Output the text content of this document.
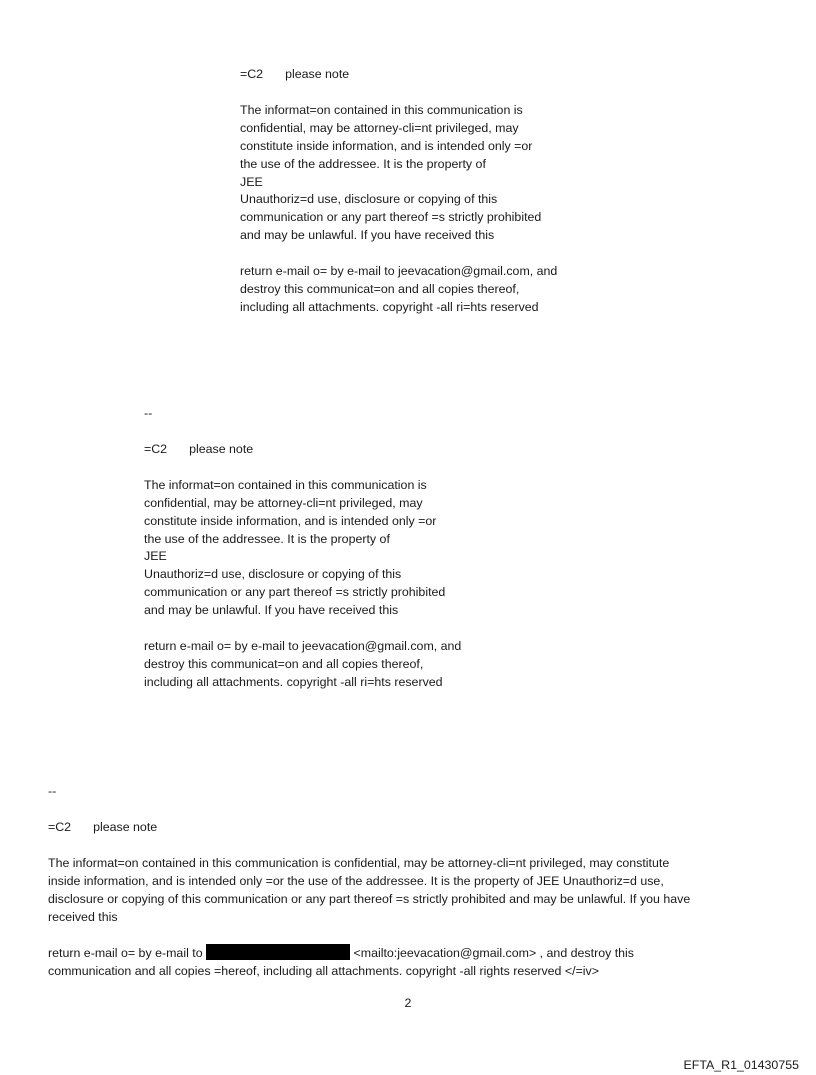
=C2 please note
The informat=on contained in this communication is
confidential, may be attorney-cli=nt privileged, may
constitute inside information, and is intended only =or
the use of the addressee. It is the property of
JEE
Unauthoriz=d use, disclosure or copying of this
communication or any part thereof =s strictly prohibited
and may be unlawful. If you have received this
return e-mail o= by e-mail to jeevacation@gmail.com, and
destroy this communicat=on and all copies thereof,
including all attachments. copyright -all ri=hts reserved
--
=C2 please note
The informat=on contained in this communication is
confidential, may be attorney-cli=nt privileged, may
constitute inside information, and is intended only =or
the use of the addressee. It is the property of
JEE
Unauthoriz=d use, disclosure or copying of this
communication or any part thereof =s strictly prohibited
and may be unlawful. If you have received this
return e-mail o= by e-mail to jeevacation@gmail.com, and
destroy this communicat=on and all copies thereof,
including all attachments. copyright -all ri=hts reserved
--
=C2 please note
The informat=on contained in this communication is confidential, may be attorney-cli=nt privileged, may constitute
inside information, and is intended only =or the use of the addressee. It is the property of JEE Unauthoriz=d use,
disclosure or copying of this communication or any part thereof =s strictly prohibited and may be unlawful. If you have
received this
return e-mail o= by e-mail to	<mailto:jeevacation@gmail.com> , and destroy this
communication and all copies =hereof, including all attachments. copyright -all rights reserved </=iv>
2
EFTA_R1_01430755
